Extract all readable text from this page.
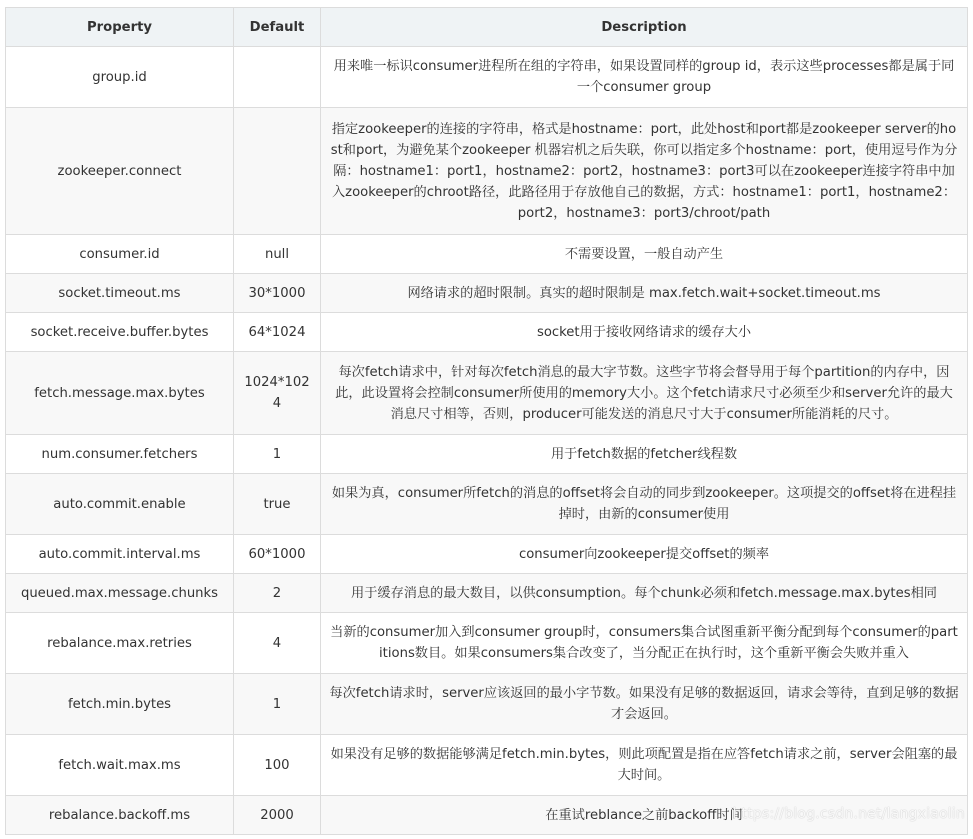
Property	Default	Description
group.id		用来唯一标识consumer进程所在组的字符串，如果设置同样的group id，表示这些processes都是属于同一个consumer group
zookeeper.connect		指定zookeeper的连接的字符串，格式是hostname：port，此处host和port都是zookeeper server的host和port，为避免某个zookeeper 机器宕机之后失联，你可以指定多个hostname：port，使用逗号作为分隔：hostname1：port1，hostname2：port2，hostname3：port3可以在zookeeper连接字符串中加入zookeeper的chroot路径，此路径用于存放他自己的数据，方式：hostname1：port1，hostname2：port2，hostname3：port3/chroot/path
consumer.id	null	不需要设置，一般自动产生
socket.timeout.ms	30*1000	网络请求的超时限制。真实的超时限制是 max.fetch.wait+socket.timeout.ms
socket.receive.buffer.bytes	64*1024	socket用于接收网络请求的缓存大小
fetch.message.max.bytes	1024*1024	每次fetch请求中，针对每次fetch消息的最大字节数。这些字节将会督导用于每个partition的内存中，因此，此设置将会控制consumer所使用的memory大小。这个fetch请求尺寸必须至少和server允许的最大消息尺寸相等，否则，producer可能发送的消息尺寸大于consumer所能消耗的尺寸。
num.consumer.fetchers	1	用于fetch数据的fetcher线程数
auto.commit.enable	true	如果为真，consumer所fetch的消息的offset将会自动的同步到zookeeper。这项提交的offset将在进程挂掉时，由新的consumer使用
auto.commit.interval.ms	60*1000	consumer向zookeeper提交offset的频率
queued.max.message.chunks	2	用于缓存消息的最大数目，以供consumption。每个chunk必须和fetch.message.max.bytes相同
rebalance.max.retries	4	当新的consumer加入到consumer group时，consumers集合试图重新平衡分配到每个consumer的partitions数目。如果consumers集合改变了，当分配正在执行时，这个重新平衡会失败并重入
fetch.min.bytes	1	每次fetch请求时，server应该返回的最小字节数。如果没有足够的数据返回，请求会等待，直到足够的数据才会返回。
fetch.wait.max.ms	100	如果没有足够的数据能够满足fetch.min.bytes，则此项配置是指在应答fetch请求之前，server会阻塞的最大时间。
rebalance.backoff.ms	2000	在重试reblance之前backoff时间
https://blog.csdn.net/langxiaolin
